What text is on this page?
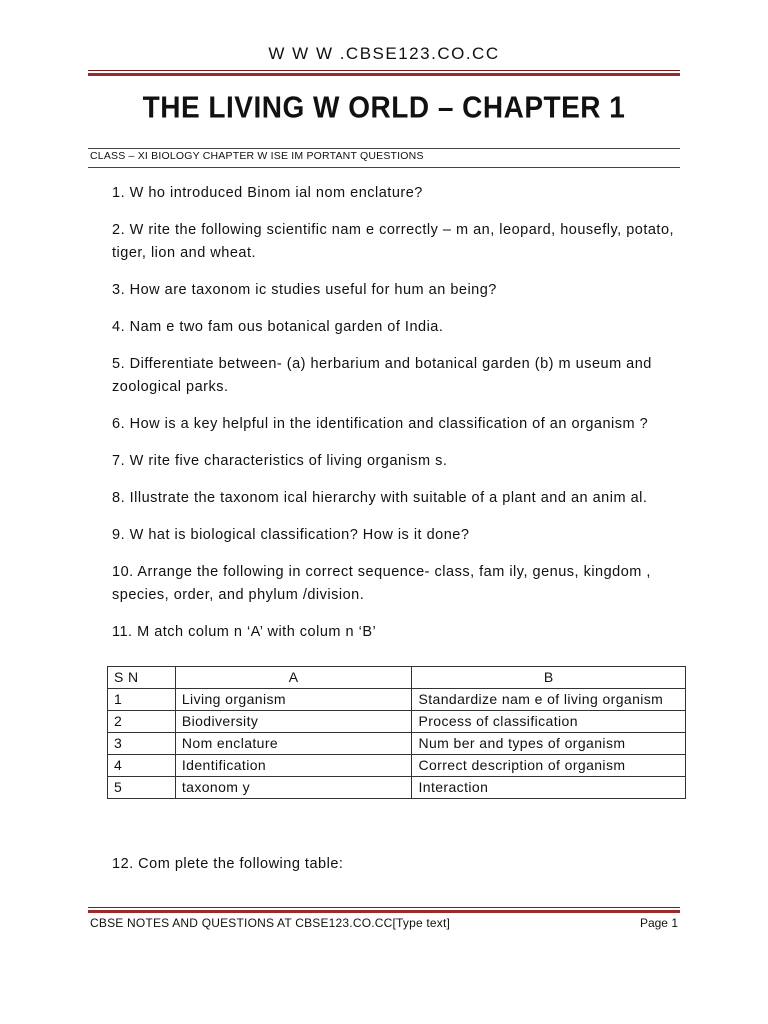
W W W .CBSE123.CO.CC
THE LIVING W ORLD – CHAPTER 1
CLASS – XI BIOLOGY CHAPTER W ISE IM PORTANT QUESTIONS

1. W ho introduced Binom ial nom enclature?

2. W rite the following scientific nam e correctly – m an, leopard, housefly, potato, tiger, lion and wheat.

3. How are taxonom ic studies useful for hum an being?

4. Nam e two fam ous botanical garden of India.

5. Differentiate between- (a) herbarium and botanical garden (b) m useum and zoological parks.

6. How is a key helpful in the identification and classification of an organism ?

7. W rite five characteristics of living organism s.

8. Illustrate the taxonom ical hierarchy with suitable of a plant and an anim al.

9. W hat is biological classification? How is it done?

10. Arrange the following in correct sequence- class, fam ily, genus, kingdom , species, order, and phylum /division.

11. M atch colum n ‘A’ with colum n ‘B’

S N	A	B
1	Living organism	Standardize nam e of living organism
2	Biodiversity	Process of classification
3	Nom enclature	Num ber and types of organism
4	Identification	Correct description of organism
5	taxonom y	Interaction

12. Com plete the following table:

CBSE NOTES AND QUESTIONS AT CBSE123.CO.CC[Type text]	Page 1
